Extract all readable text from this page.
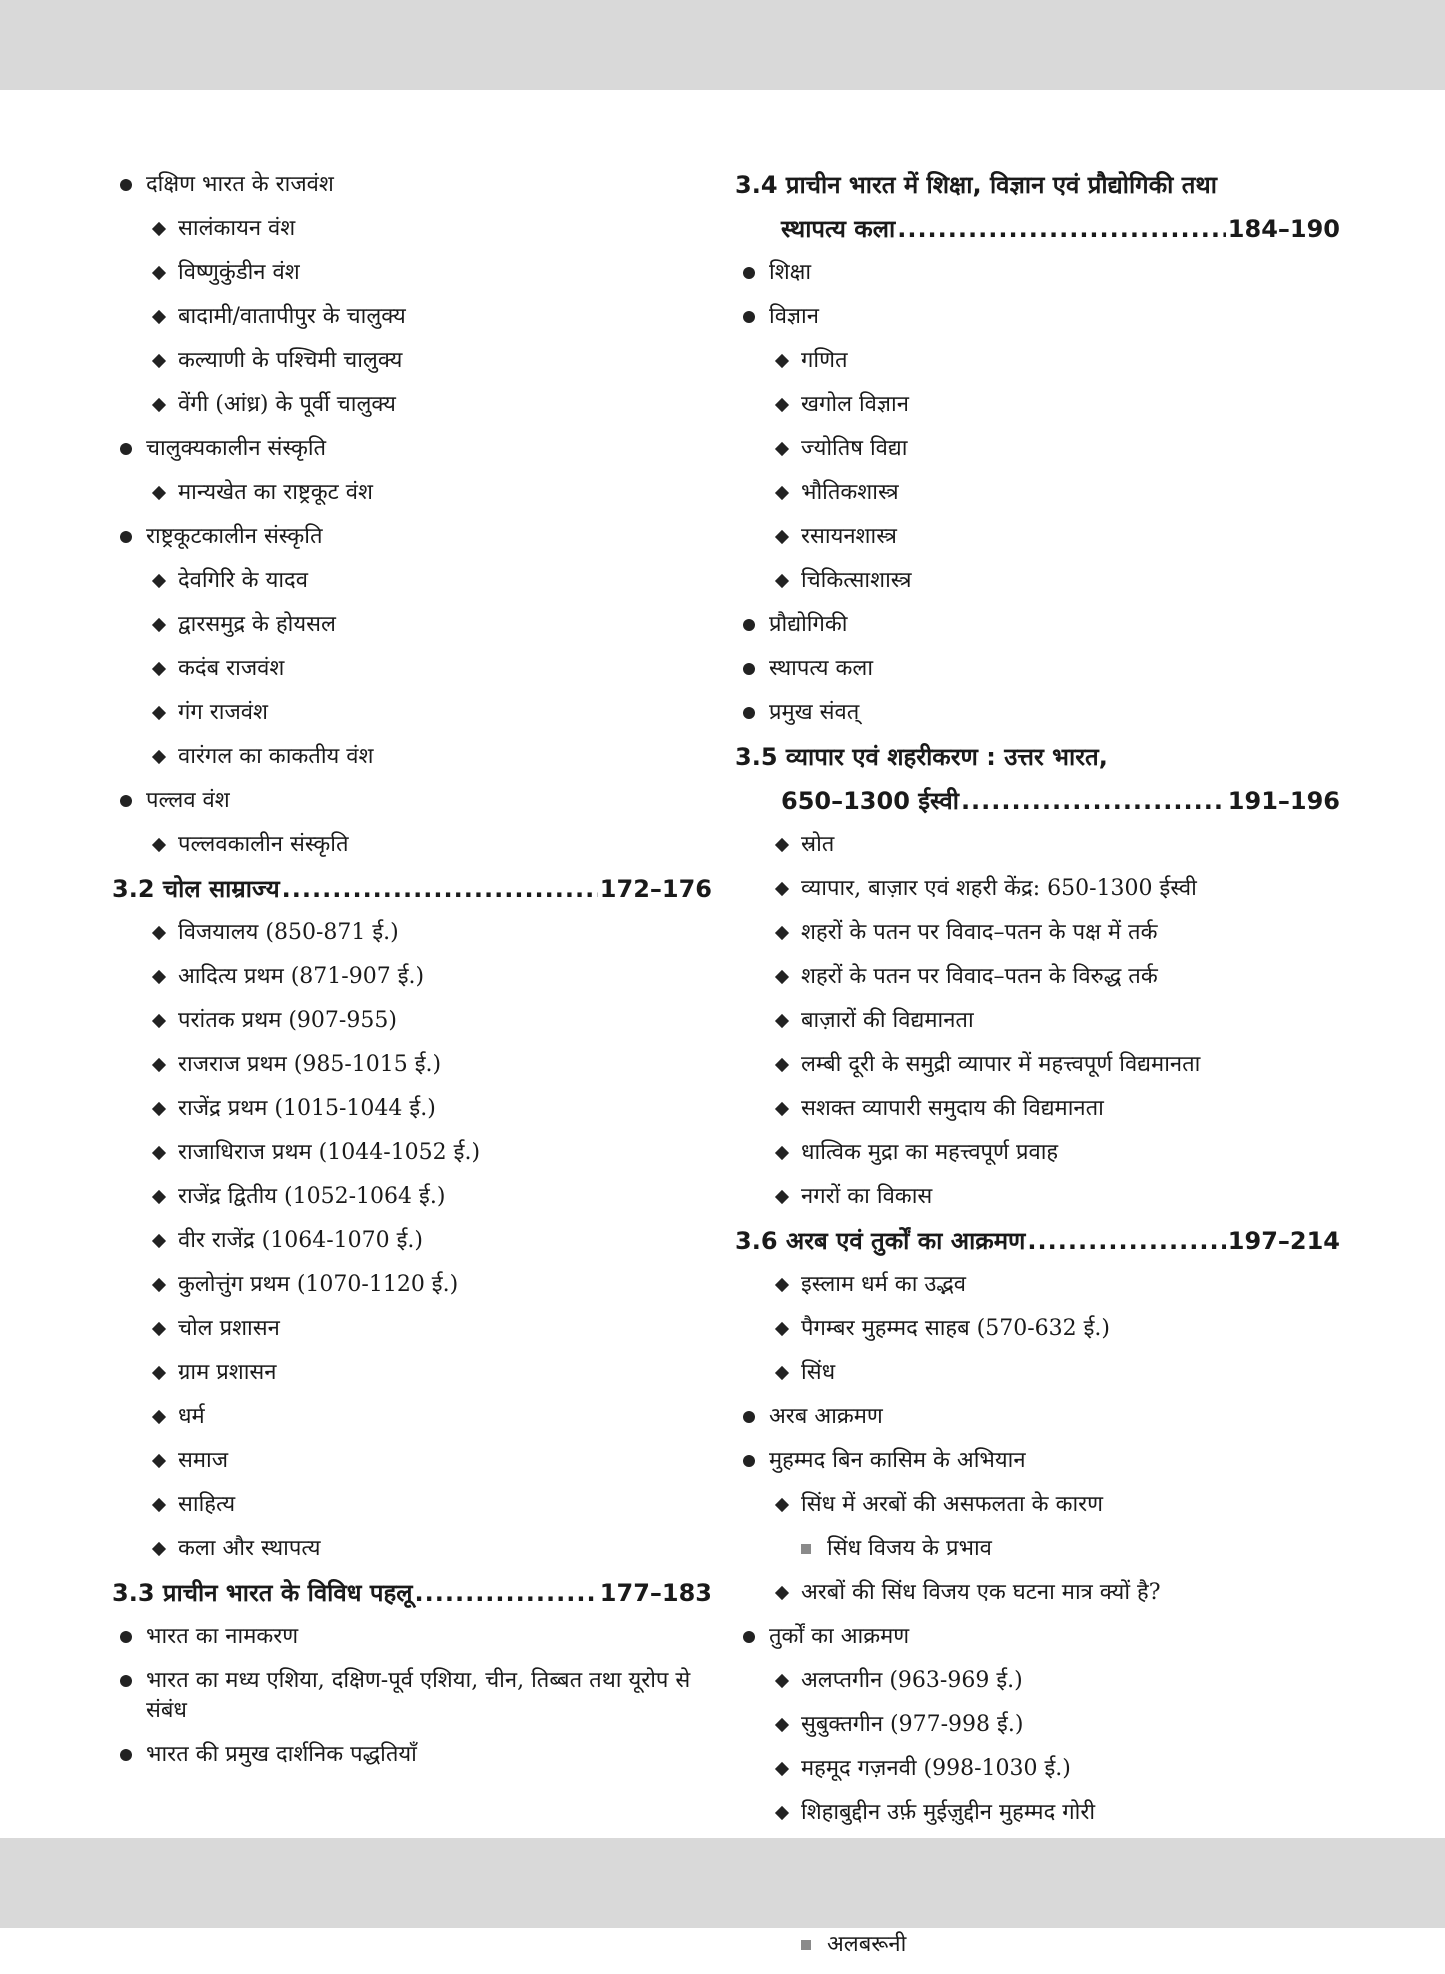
दक्षिण भारत के राजवंश
सालंकायन वंश
विष्णुकुंडीन वंश
बादामी/वातापीपुर के चालुक्य
कल्याणी के पश्चिमी चालुक्य
वेंगी (आंध्र) के पूर्वी चालुक्य
चालुक्यकालीन संस्कृति
मान्यखेत का राष्ट्रकूट वंश
राष्ट्रकूटकालीन संस्कृति
देवगिरि के यादव
द्वारसमुद्र के होयसल
कदंब राजवंश
गंग राजवंश
वारंगल का काकतीय वंश
पल्लव वंश
पल्लवकालीन संस्कृति
3.2 चोल साम्राज्य .....	172–176
विजयालय (850-871 ई.)
आदित्य प्रथम (871-907 ई.)
परांतक प्रथम (907-955)
राजराज प्रथम (985-1015 ई.)
राजेंद्र प्रथम (1015-1044 ई.)
राजाधिराज प्रथम (1044-1052 ई.)
राजेंद्र द्वितीय (1052-1064 ई.)
वीर राजेंद्र (1064-1070 ई.)
कुलोत्तुंग प्रथम (1070-1120 ई.)
चोल प्रशासन
ग्राम प्रशासन
धर्म
समाज
साहित्य
कला और स्थापत्य
3.3 प्राचीन भारत के विविध पहलू .....	177–183
भारत का नामकरण
भारत का मध्य एशिया, दक्षिण-पूर्व एशिया, चीन, तिब्बत तथा यूरोप से संबंध
भारत की प्रमुख दार्शनिक पद्धतियाँ
3.4 प्राचीन भारत में शिक्षा, विज्ञान एवं प्रौद्योगिकी तथा
स्थापत्य कला .....	184–190
शिक्षा
विज्ञान
गणित
खगोल विज्ञान
ज्योतिष विद्या
भौतिकशास्त्र
रसायनशास्त्र
चिकित्साशास्त्र
प्रौद्योगिकी
स्थापत्य कला
प्रमुख संवत्
3.5 व्यापार एवं शहरीकरण : उत्तर भारत,
650–1300 ईस्वी .....	191–196
स्रोत
व्यापार, बाज़ार एवं शहरी केंद्र: 650-1300 ईस्वी
शहरों के पतन पर विवाद–पतन के पक्ष में तर्क
शहरों के पतन पर विवाद–पतन के विरुद्ध तर्क
बाज़ारों की विद्यमानता
लम्बी दूरी के समुद्री व्यापार में महत्त्वपूर्ण विद्यमानता
सशक्त व्यापारी समुदाय की विद्यमानता
धात्विक मुद्रा का महत्त्वपूर्ण प्रवाह
नगरों का विकास
3.6 अरब एवं तुर्कों का आक्रमण .....	197–214
इस्लाम धर्म का उद्भव
पैगम्बर मुहम्मद साहब (570-632 ई.)
सिंध
अरब आक्रमण
मुहम्मद बिन कासिम के अभियान
सिंध में अरबों की असफलता के कारण
सिंध विजय के प्रभाव
अरबों की सिंध विजय एक घटना मात्र क्यों है?
तुर्कों का आक्रमण
अलप्तगीन (963-969 ई.)
सुबुक्तगीन (977-998 ई.)
महमूद गज़नवी (998-1030 ई.)
शिहाबुद्दीन उर्फ़ मुईज़ुद्दीन मुहम्मद गोरी
अलबरूनी
